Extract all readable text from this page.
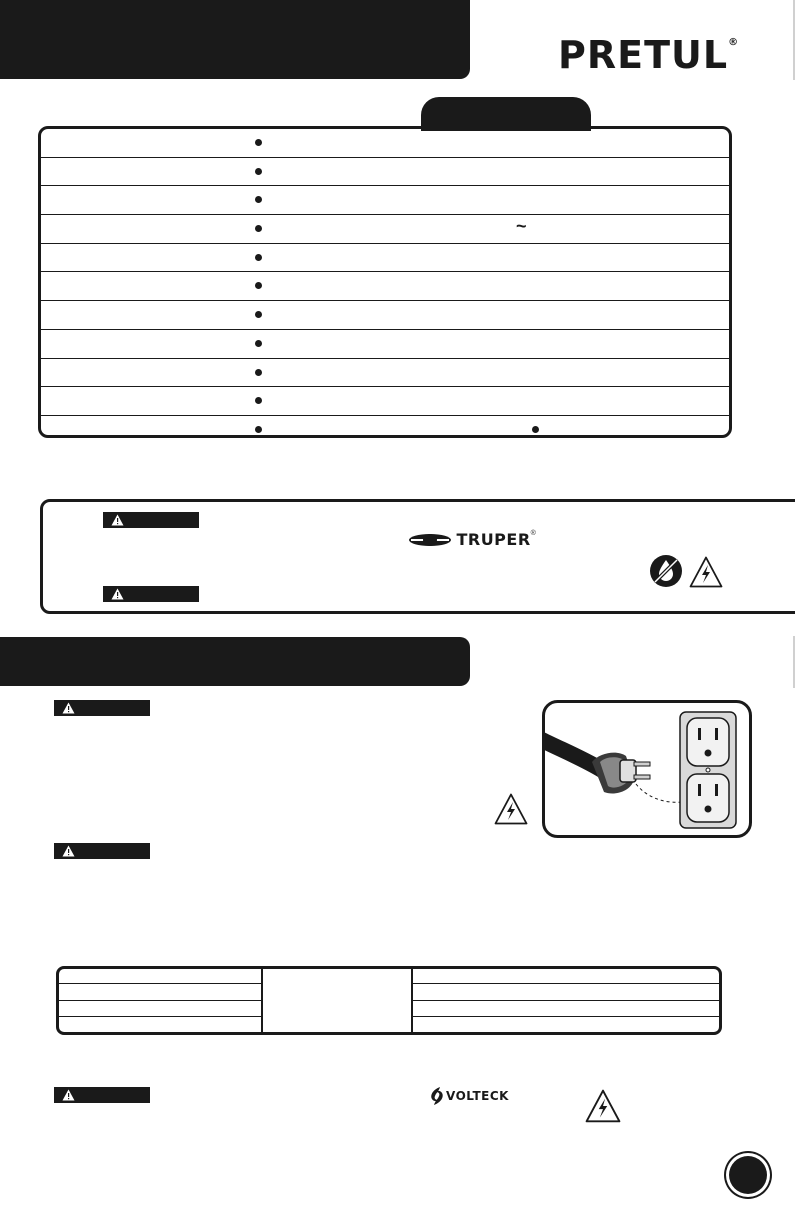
PRETUL®
~
TRUPER®
VOLTECK
